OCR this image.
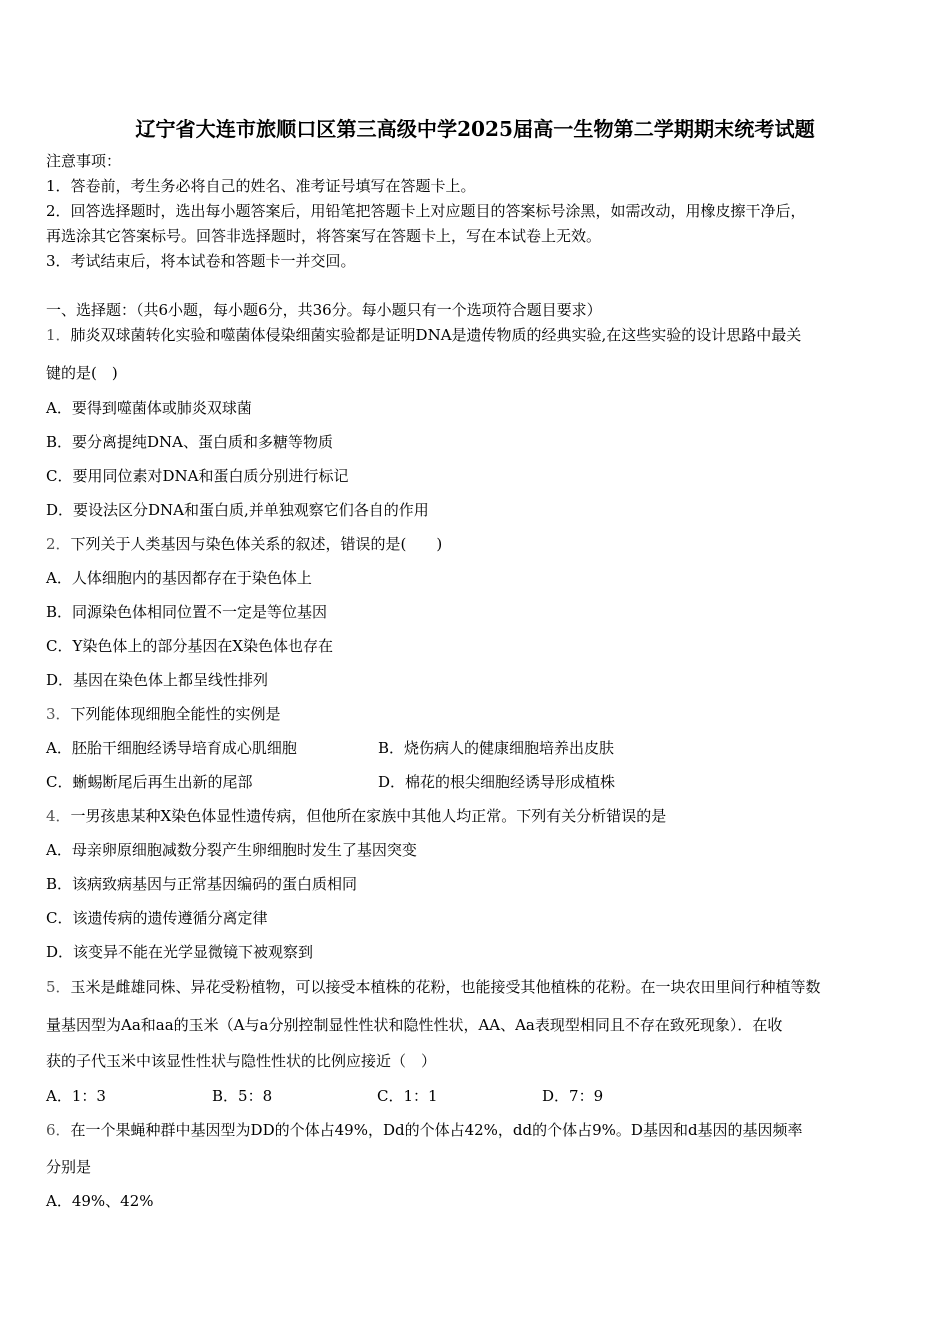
辽宁省大连市旅顺口区第三高级中学2025届高一生物第二学期期末统考试题
注意事项：
1．答卷前，考生务必将自己的姓名、准考证号填写在答题卡上。
2．回答选择题时，选出每小题答案后，用铅笔把答题卡上对应题目的答案标号涂黑，如需改动，用橡皮擦干净后，
再选涂其它答案标号。回答非选择题时，将答案写在答题卡上，写在本试卷上无效。
3．考试结束后，将本试卷和答题卡一并交回。
一、选择题：（共6小题，每小题6分，共36分。每小题只有一个选项符合题目要求）
1．肺炎双球菌转化实验和噬菌体侵染细菌实验都是证明DNA是遗传物质的经典实验,在这些实验的设计思路中最关
键的是(　)
A．要得到噬菌体或肺炎双球菌
B．要分离提纯DNA、蛋白质和多糖等物质
C．要用同位素对DNA和蛋白质分别进行标记
D．要设法区分DNA和蛋白质,并单独观察它们各自的作用
2．下列关于人类基因与染色体关系的叙述，错误的是(　　)
A．人体细胞内的基因都存在于染色体上
B．同源染色体相同位置不一定是等位基因
C．Y染色体上的部分基因在X染色体也存在
D．基因在染色体上都呈线性排列
3．下列能体现细胞全能性的实例是
A．胚胎干细胞经诱导培育成心肌细胞	B．烧伤病人的健康细胞培养出皮肤
C．蜥蜴断尾后再生出新的尾部	D．棉花的根尖细胞经诱导形成植株
4．一男孩患某种X染色体显性遗传病，但他所在家族中其他人均正常。下列有关分析错误的是
A．母亲卵原细胞减数分裂产生卵细胞时发生了基因突变
B．该病致病基因与正常基因编码的蛋白质相同
C．该遗传病的遗传遵循分离定律
D．该变异不能在光学显微镜下被观察到
5．玉米是雌雄同株、异花受粉植物，可以接受本植株的花粉，也能接受其他植株的花粉。在一块农田里间行种植等数
量基因型为Aa和aa的玉米（A与a分别控制显性性状和隐性性状，AA、Aa表现型相同且不存在致死现象）．在收
获的子代玉米中该显性性状与隐性性状的比例应接近（　）
A．1：3	B．5：8	C．1：1	D．7：9
6．在一个果蝇种群中基因型为DD的个体占49%，Dd的个体占42%，dd的个体占9%。D基因和d基因的基因频率
分别是
A．49%、42%
